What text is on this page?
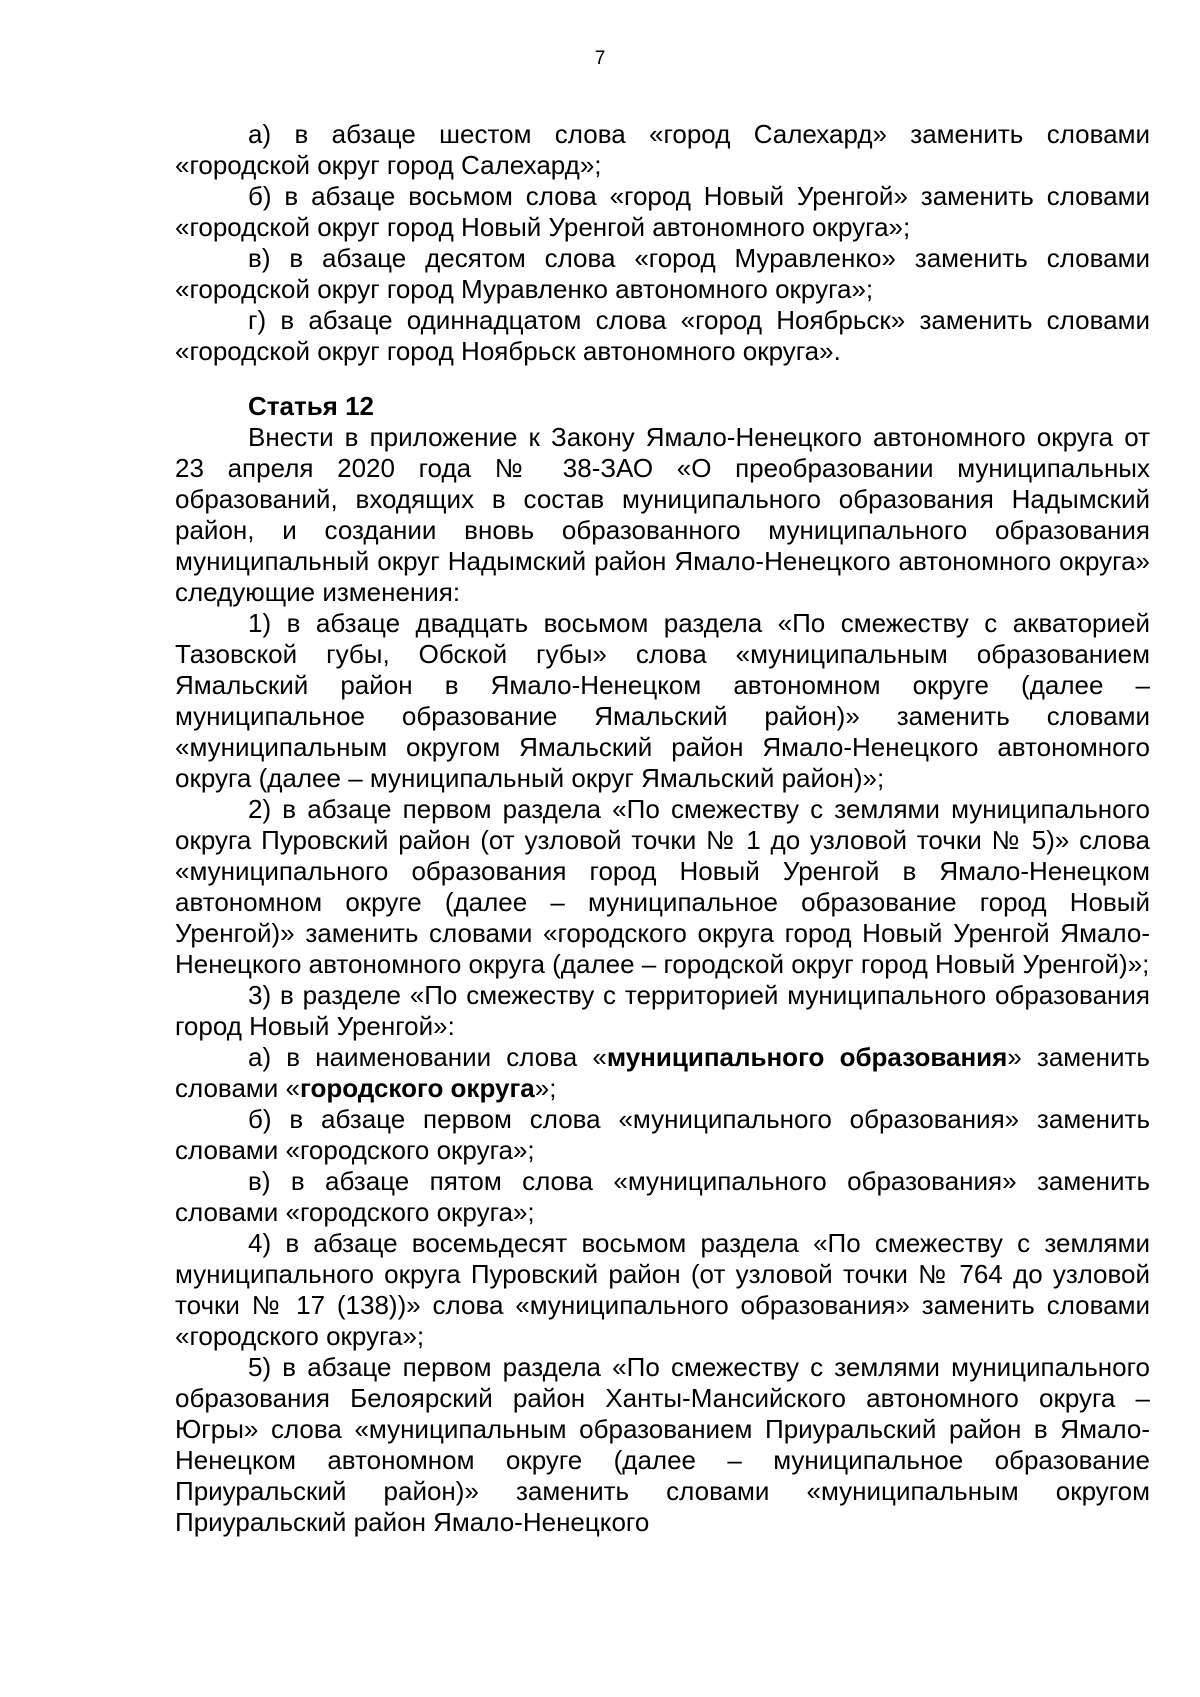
7

а) в абзаце шестом слова «город Салехард» заменить словами «городской округ город Салехард»;

б) в абзаце восьмом слова «город Новый Уренгой» заменить словами «городской округ город Новый Уренгой автономного округа»;

в) в абзаце десятом слова «город Муравленко» заменить словами «городской округ город Муравленко автономного округа»;

г) в абзаце одиннадцатом слова «город Ноябрьск» заменить словами «городской округ город Ноябрьск автономного округа».

Статья 12

Внести в приложение к Закону Ямало-Ненецкого автономного округа от 23 апреля 2020 года № 38-ЗАО «О преобразовании муниципальных образований, входящих в состав муниципального образования Надымский район, и создании вновь образованного муниципального образования муниципальный округ Надымский район Ямало-Ненецкого автономного округа» следующие изменения:

1) в абзаце двадцать восьмом раздела «По смежеству с акваторией Тазовской губы, Обской губы» слова «муниципальным образованием Ямальский район в Ямало-Ненецком автономном округе (далее – муниципальное образование Ямальский район)» заменить словами «муниципальным округом Ямальский район Ямало-Ненецкого автономного округа (далее – муниципальный округ Ямальский район)»;

2) в абзаце первом раздела «По смежеству с землями муниципального округа Пуровский район (от узловой точки № 1 до узловой точки № 5)» слова «муниципального образования город Новый Уренгой в Ямало-Ненецком автономном округе (далее – муниципальное образование город Новый Уренгой)» заменить словами «городского округа город Новый Уренгой Ямало-Ненецкого автономного округа (далее – городской округ город Новый Уренгой)»;

3) в разделе «По смежеству с территорией муниципального образования город Новый Уренгой»:

а) в наименовании слова «муниципального образования» заменить словами «городского округа»;

б) в абзаце первом слова «муниципального образования» заменить словами «городского округа»;

в) в абзаце пятом слова «муниципального образования» заменить словами «городского округа»;

4) в абзаце восемьдесят восьмом раздела «По смежеству с землями муниципального округа Пуровский район (от узловой точки № 764 до узловой точки № 17 (138))» слова «муниципального образования» заменить словами «городского округа»;

5) в абзаце первом раздела «По смежеству с землями муниципального образования Белоярский район Ханты-Мансийского автономного округа – Югры» слова «муниципальным образованием Приуральский район в Ямало-Ненецком автономном округе (далее – муниципальное образование Приуральский район)» заменить словами «муниципальным округом Приуральский район Ямало-Ненецкого
